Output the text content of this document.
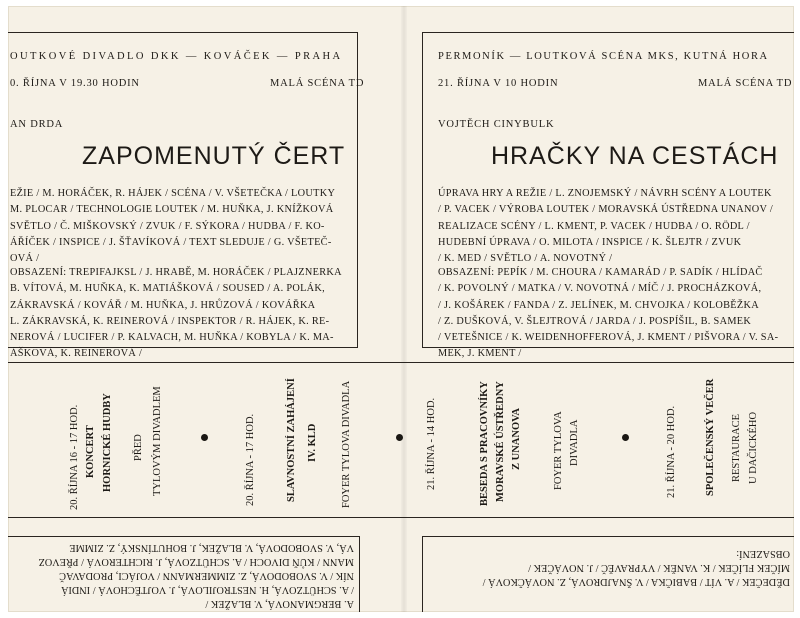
OUTKOVÉ DIVADLO DKK — KOVÁČEK — PRAHA
0. ŘÍJNA V 19.30 HODIN	MALÁ SCÉNA TD
AN DRDA
ZAPOMENUTÝ ČERT
EŽIE / M. HORÁČEK, R. HÁJEK / SCÉNA / V. VŠETEČKA / LOUTKY
M. PLOCAR / TECHNOLOGIE LOUTEK / M. HUŇKA, J. KNÍŽKOVÁ
SVĚTLO / Č. MIŠKOVSKÝ / ZVUK / F. SÝKORA / HUDBA / F. KO-
ÁŘÍČEK / INSPICE / J. ŠŤAVÍKOVÁ / TEXT SLEDUJE / G. VŠETEČ-
OVÁ /
OBSAZENÍ: TREPIFAJKSL / J. HRABĚ, M. HORÁČEK / PLAJZNERKA
B. VÍTOVÁ, M. HUŇKA, K. MATIÁŠKOVÁ / SOUSED / A. POLÁK,
ZÁKRAVSKÁ / KOVÁŘ / M. HUŇKA, J. HRŮZOVÁ / KOVÁŘKA
L. ZÁKRAVSKÁ, K. REINEROVÁ / INSPEKTOR / R. HÁJEK, K. RE-
NEROVÁ / LUCIFER / P. KALVACH, M. HUŇKA / KOBYLA / K. MA-
ÁŠKOVÁ, K. REINEROVÁ /
PERMONÍK — LOUTKOVÁ SCÉNA MKS, KUTNÁ HORA
21. ŘÍJNA V 10 HODIN	MALÁ SCÉNA TD
VOJTĚCH CINYBULK
HRAČKY NA CESTÁCH
ÚPRAVA HRY A REŽIE / L. ZNOJEMSKÝ / NÁVRH SCÉNY A LOUTEK
/ P. VACEK / VÝROBA LOUTEK / MORAVSKÁ ÚSTŘEDNA UNANOV /
REALIZACE SCÉNY / L. KMENT, P. VACEK / HUDBA / O. RÖDL /
HUDEBNÍ ÚPRAVA / O. MILOTA / INSPICE / K. ŠLEJTR / ZVUK
/ K. MED / SVĚTLO / A. NOVOTNÝ /
OBSAZENÍ: PEPÍK / M. CHOURA / KAMARÁD / P. SADÍK / HLÍDAČ
/ K. POVOLNÝ / MATKA / V. NOVOTNÁ / MÍČ / J. PROCHÁZKOVÁ,
/ J. KOŠÁREK / FANDA / Z. JELÍNEK, M. CHVOJKA / KOLOBĚŽKA
/ Z. DUŠKOVÁ, V. ŠLEJTROVÁ / JARDA / J. POSPÍŠIL, B. SAMEK
/ VETEŠNICE / K. WEIDENHOFFEROVÁ, J. KMENT / PIŠVORA / V. SA-
MEK, J. KMENT /
20. ŘÍJNA 16 - 17 HOD. KONCERT HORNICKÉ HUDBY PŘED TYLOVÝM DIVADLEM	20. ŘÍJNA - 17 HOD.	SLAVNOSTNÍ ZAHÁJENÍ IV. KLD FOYER TYLOVA DIVADLA	21. ŘÍJNA - 14 HOD.	BESEDA S PRACOVNÍKY MORAVSKÉ ÚSTŘEDNY Z UNANOVA	FOYER TYLOVA DIVADLA	21. ŘÍJNA - 20 HOD.	SPOLEČENSKÝ VEČER RESTAURACE U DAČICKÉHO
A. BERGMANOVÁ, V. BLAŽEK /
/ A. SCHÜTZOVÁ, H. NESTROJILOVÁ, J. VOJTĚCHOVÁ / INDIÁ
NÍK / V. SVOBODOVÁ, Z. ZIMMERMANN / VOJÁCI, PRODAVAČ
MANN / KŮŇ DIVOCH / A. SCHÜTZOVÁ, J. RICHTEROVÁ / PŘEVOZ
VÁ, V. SVOBODOVÁ, V. BLAŽEK, J. BOHUTÍNSKÝ, Z. ZIMME
DĚDEČEK / A. VÍT / BABIČKA / V. ŠNAJDROVÁ, Z. NOVÁČKOVÁ /
MÍČEK FLÍČEK / K. VANĚK / VYPRAVĚČ / J. NOVÁČEK /
OBSAZENÍ:
